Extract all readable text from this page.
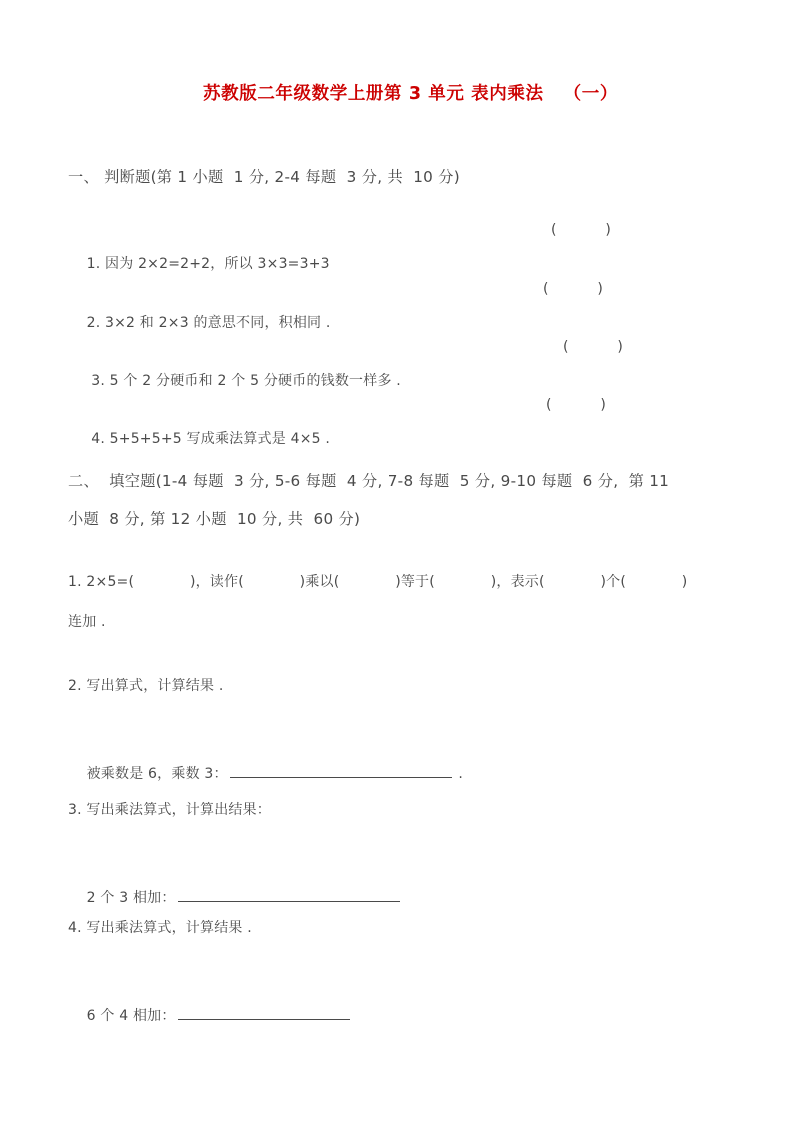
苏教版二年级数学上册第 3 单元 表内乘法   （一）
一、 判断题(第 1 小题  1 分, 2-4 每题  3 分, 共  10 分)

1. 因为 2×2=2+2，所以 3×3=3+3

(           )

2. 3×2 和 2×3 的意思不同，积相同 .

(           )

3. 5 个 2 分硬币和 2 个 5 分硬币的钱数一样多 .

(           )

4. 5+5+5+5 写成乘法算式是 4×5 .

(           )
二、  填空题(1-4 每题  3 分, 5-6 每题  4 分, 7-8 每题  5 分, 9-10 每题  6 分,  第 11
小题  8 分, 第 12 小题  10 分, 共  60 分)
1. 2×5=(            )，读作(            )乘以(            )等于(            )，表示(            )个(            )
连加 .
2. 写出算式，计算结果 .

被乘数是 6，乘数 3：	.

3. 写出乘法算式，计算出结果：

2 个 3 相加：

4. 写出乘法算式，计算结果 .

6 个 4 相加：
